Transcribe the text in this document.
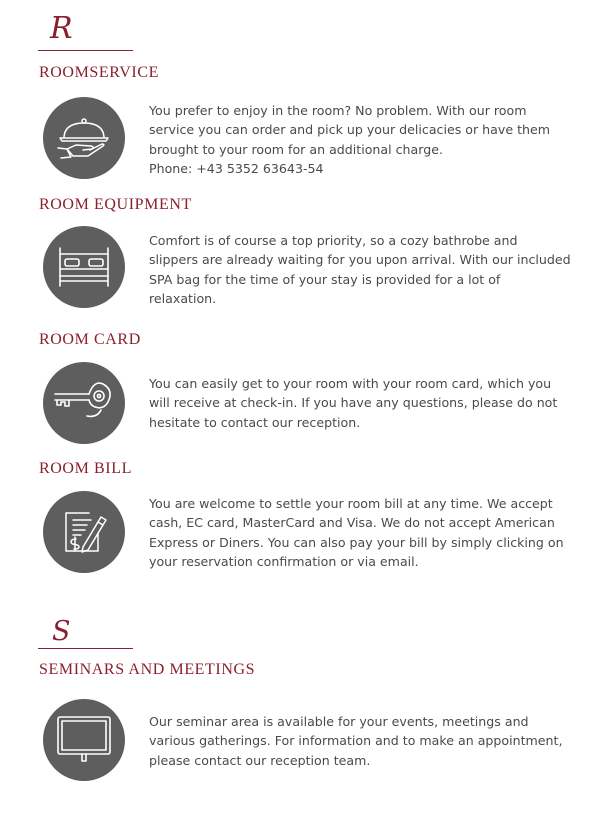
R
ROOMSERVICE

You prefer to enjoy in the room? No problem. With our room
service you can order and pick up your delicacies or have them
brought to your room for an additional charge.
Phone: +43 5352 63643-54

ROOM EQUIPMENT

Comfort is of course a top priority, so a cozy bathrobe and
slippers are already waiting for you upon arrival. With our included
SPA bag for the time of your stay is provided for a lot of
relaxation.

ROOM CARD

You can easily get to your room with your room card, which you
will receive at check-in. If you have any questions, please do not
hesitate to contact our reception.

ROOM BILL

You are welcome to settle your room bill at any time. We accept
cash, EC card, MasterCard and Visa. We do not accept American
Express or Diners. You can also pay your bill by simply clicking on
your reservation confirmation or via email.

S
SEMINARS AND MEETINGS

Our seminar area is available for your events, meetings and
various gatherings. For information and to make an appointment,
please contact our reception team.
